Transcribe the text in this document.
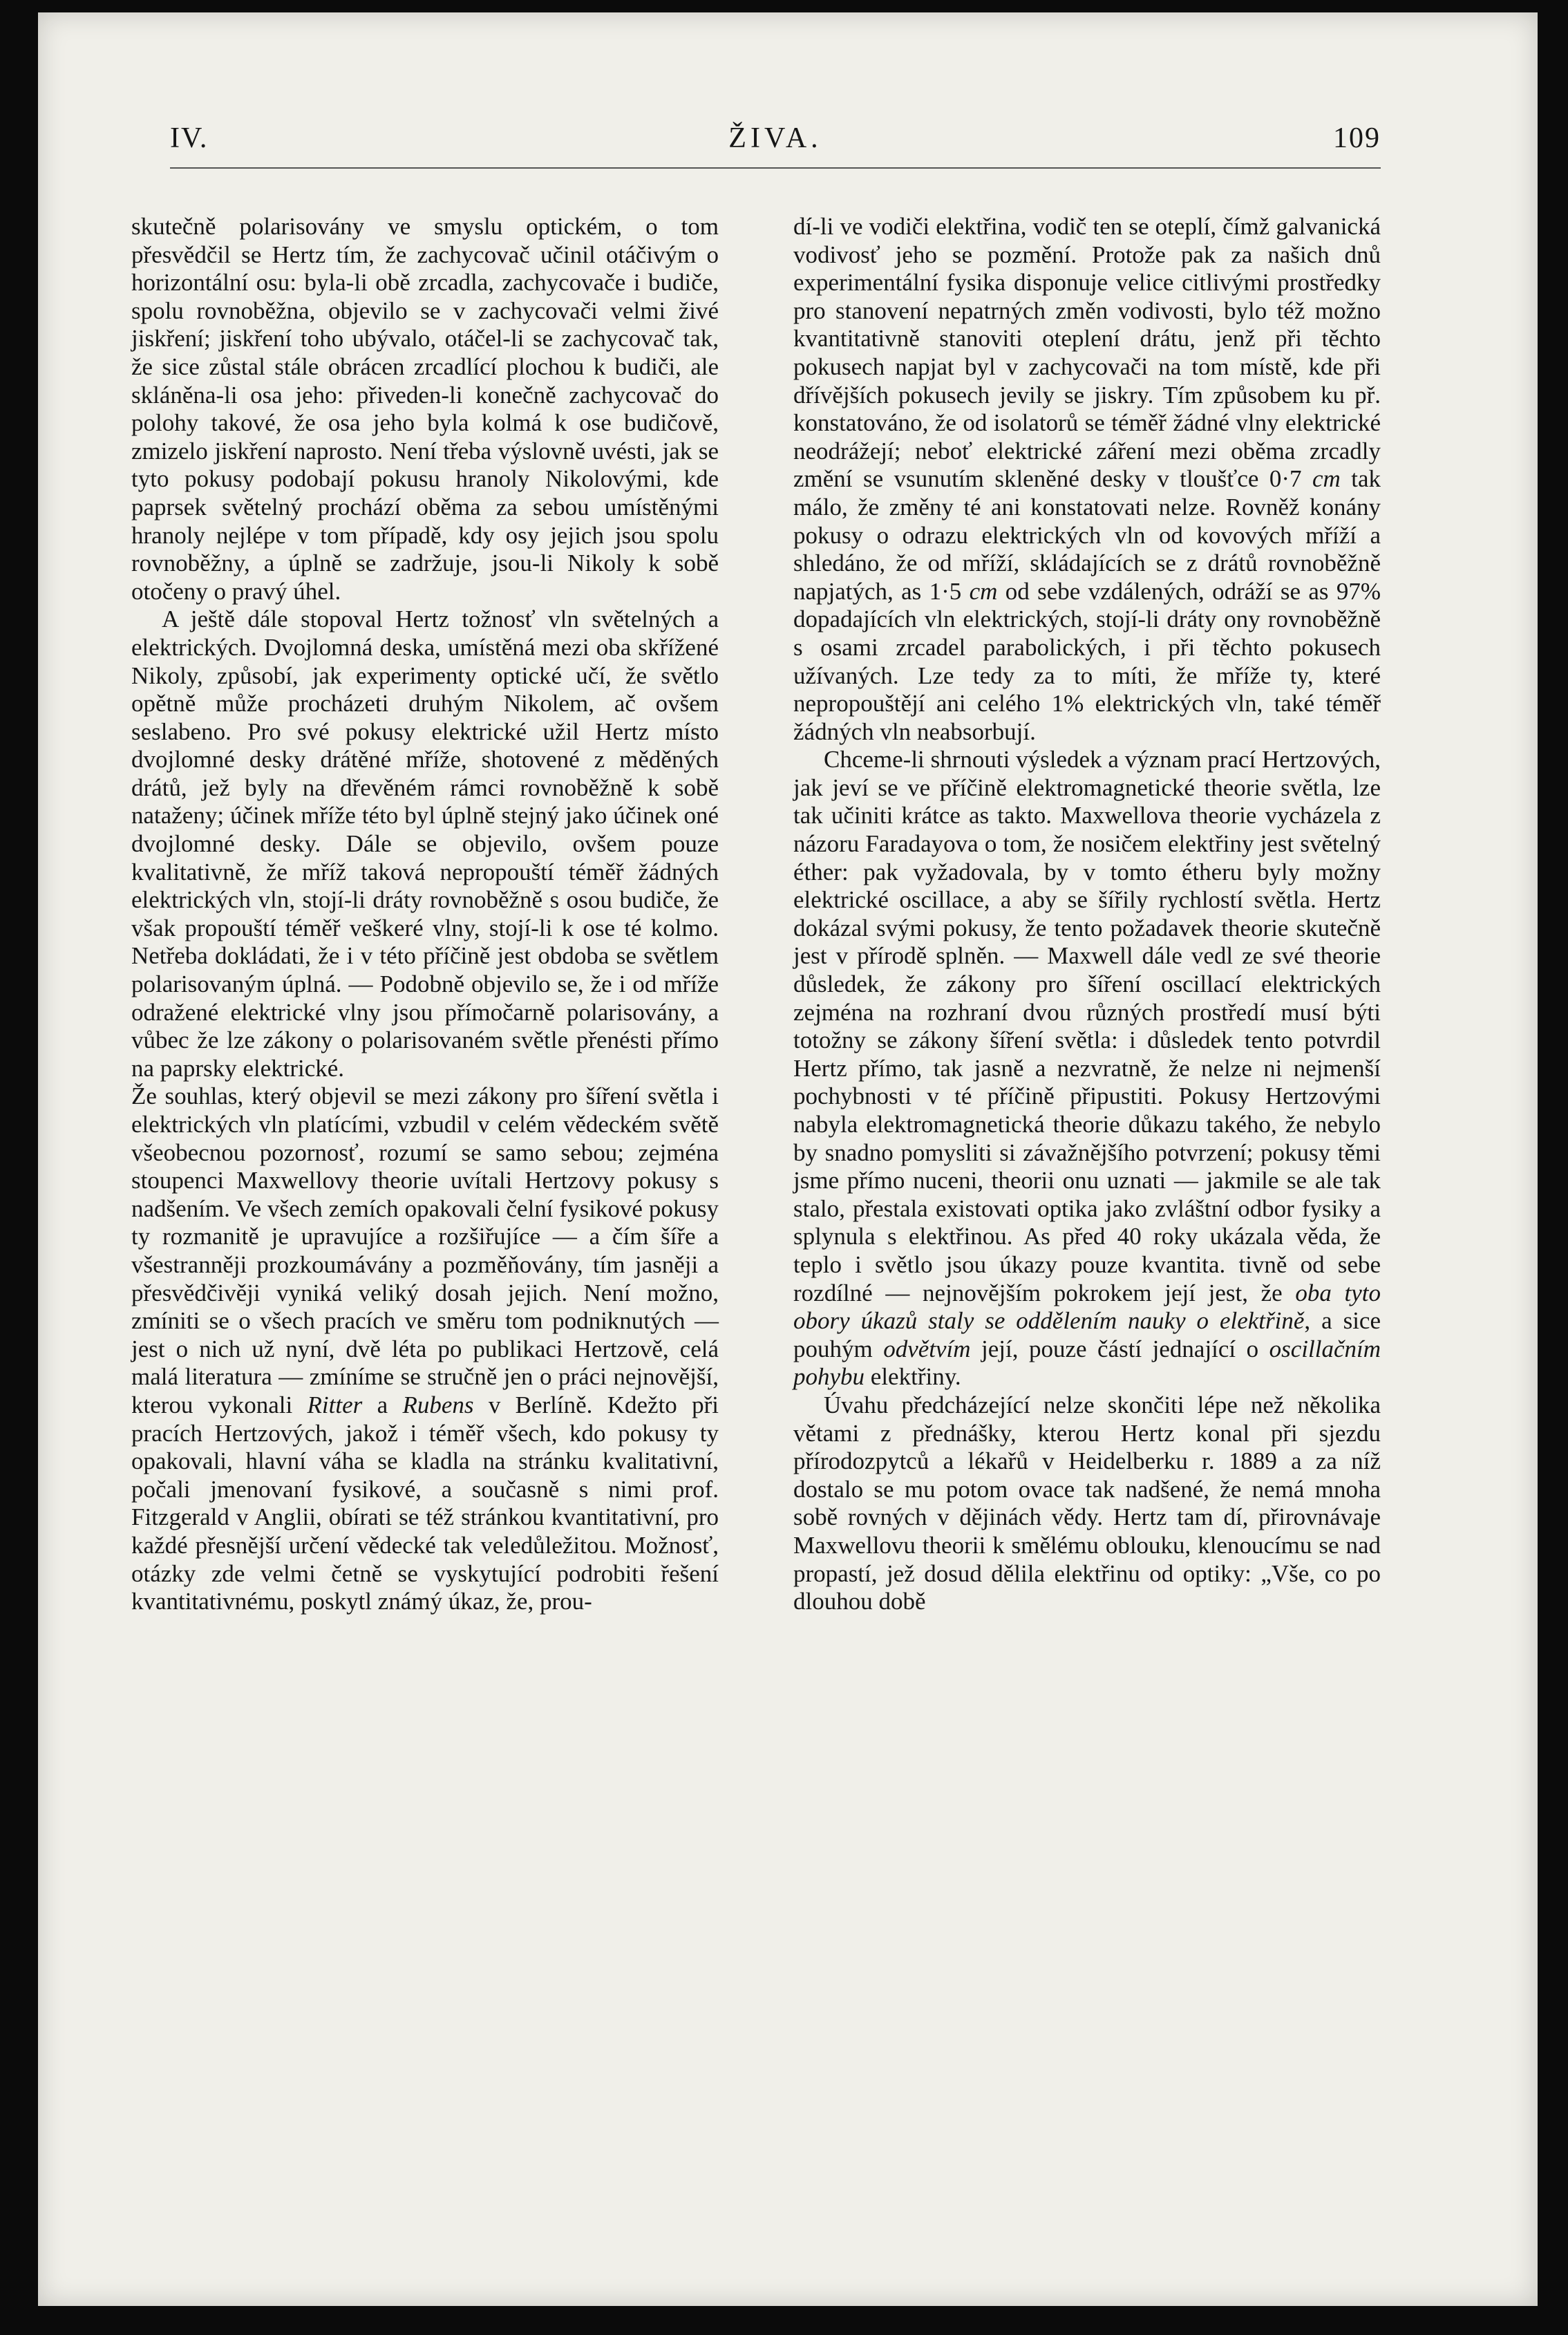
IV.	ŽIVA.	109

skutečně polarisovány ve smyslu optickém, o tom přesvědčil se Hertz tím, že zachycovač učinil otáčivým o horizontální osu: byla-li obě zrcadla, zachycovače i budiče, spolu rovnoběžna, objevilo se v zachycovači velmi živé jiskření; jiskření toho ubývalo, otáčel-li se zachycovač tak, že sice zůstal stále obrácen zrcadlící plochou k budiči, ale skláněna-li osa jeho: přiveden-li konečně zachycovač do polohy takové, že osa jeho byla kolmá k ose budičově, zmizelo jiskření naprosto. Není třeba výslovně uvésti, jak se tyto pokusy podobají pokusu hranoly Nikolovými, kde paprsek světelný prochází oběma za sebou umístěnými hranoly nejlépe v tom případě, kdy osy jejich jsou spolu rovnoběžny, a úplně se zadržuje, jsou-li Nikoly k sobě otočeny o pravý úhel.

A ještě dále stopoval Hertz tožnosť vln světelných a elektrických. Dvojlomná deska, umístěná mezi oba skřížené Nikoly, způsobí, jak experimenty optické učí, že světlo opětně může procházeti druhým Nikolem, ač ovšem seslabeno. Pro své pokusy elektrické užil Hertz místo dvojlomné desky drátěné mříže, shotovené z měděných drátů, jež byly na dřevěném rámci rovnoběžně k sobě nataženy; účinek mříže této byl úplně stejný jako účinek oné dvojlomné desky. Dále se objevilo, ovšem pouze kvalitativně, že mříž taková nepropouští téměř žádných elektrických vln, stojí-li dráty rovnoběžně s osou budiče, že však propouští téměř veškeré vlny, stojí-li k ose té kolmo. Netřeba dokládati, že i v této příčině jest obdoba se světlem polarisovaným úplná. — Podobně objevilo se, že i od mříže odražené elektrické vlny jsou přímočarně polarisovány, a vůbec že lze zákony o polarisovaném světle přenésti přímo na paprsky elektrické.

Že souhlas, který objevil se mezi zákony pro šíření světla i elektrických vln platícími, vzbudil v celém vědeckém světě všeobecnou pozornosť, rozumí se samo sebou; zejména stoupenci Maxwellovy theorie uvítali Hertzovy pokusy s nadšením. Ve všech zemích opakovali čelní fysikové pokusy ty rozmanitě je upravujíce a rozšiřujíce — a čím šíře a všestranněji prozkoumávány a pozměňovány, tím jasněji a přesvědčivěji vyniká veliký dosah jejich. Není možno, zmíniti se o všech pracích ve směru tom podniknutých — jest o nich už nyní, dvě léta po publikaci Hertzově, celá malá literatura — zmíníme se stručně jen o práci nejnovější, kterou vykonali Ritter a Rubens v Berlíně. Kdežto při pracích Hertzových, jakož i téměř všech, kdo pokusy ty opakovali, hlavní váha se kladla na stránku kvalitativní, počali jmenovaní fysikové, a současně s nimi prof. Fitzgerald v Anglii, obírati se též stránkou kvantitativní, pro každé přesnější určení vědecké tak veledůležitou. Možnosť, otázky zde velmi četně se vyskytující podrobiti řešení kvantitativnému, poskytl známý úkaz, že, prou-

dí-li ve vodiči elektřina, vodič ten se oteplí, čímž galvanická vodivosť jeho se pozmění. Protože pak za našich dnů experimentální fysika disponuje velice citlivými prostředky pro stanovení nepatrných změn vodivosti, bylo též možno kvantitativně stanoviti oteplení drátu, jenž při těchto pokusech napjat byl v zachycovači na tom místě, kde při dřívějších pokusech jevily se jiskry. Tím způsobem ku př. konstatováno, že od isolatorů se téměř žádné vlny elektrické neodrážejí; neboť elektrické záření mezi oběma zrcadly změní se vsunutím skleněné desky v tloušťce 0·7 cm tak málo, že změny té ani konstatovati nelze. Rovněž konány pokusy o odrazu elektrických vln od kovových mříží a shledáno, že od mříží, skládajících se z drátů rovnoběžně napjatých, as 1·5 cm od sebe vzdálených, odráží se as 97% dopadajících vln elektrických, stojí-li dráty ony rovnoběžně s osami zrcadel parabolických, i při těchto pokusech užívaných. Lze tedy za to míti, že mříže ty, které nepropouštějí ani celého 1% elektrických vln, také téměř žádných vln neabsorbují.

Chceme-li shrnouti výsledek a význam prací Hertzových, jak jeví se ve příčině elektromagnetické theorie světla, lze tak učiniti krátce as takto. Maxwellova theorie vycházela z názoru Faradayova o tom, že nosičem elektřiny jest světelný éther: pak vyžadovala, by v tomto étheru byly možny elektrické oscillace, a aby se šířily rychlostí světla. Hertz dokázal svými pokusy, že tento požadavek theorie skutečně jest v přírodě splněn. — Maxwell dále vedl ze své theorie důsledek, že zákony pro šíření oscillací elektrických zejména na rozhraní dvou různých prostředí musí býti totožny se zákony šíření světla: i důsledek tento potvrdil Hertz přímo, tak jasně a nezvratně, že nelze ni nejmenší pochybnosti v té příčině připustiti. Pokusy Hertzovými nabyla elektromagnetická theorie důkazu takého, že nebylo by snadno pomysliti si závažnějšího potvrzení; pokusy těmi jsme přímo nuceni, theorii onu uznati — jakmile se ale tak stalo, přestala existovati optika jako zvláštní odbor fysiky a splynula s elektřinou. As před 40 roky ukázala věda, že teplo i světlo jsou úkazy pouze kvantita. tivně od sebe rozdílné — nejnovějším pokrokem její jest, že oba tyto obory úkazů staly se oddělením nauky o elektřině, a sice pouhým odvětvím její, pouze částí jednající o oscillačním pohybu elektřiny.

Úvahu předcházející nelze skončiti lépe než několika větami z přednášky, kterou Hertz konal při sjezdu přírodozpytců a lékařů v Heidelberku r. 1889 a za níž dostalo se mu potom ovace tak nadšené, že nemá mnoha sobě rovných v dějinách vědy. Hertz tam dí, přirovnávaje Maxwellovu theorii k smělému oblouku, klenoucímu se nad propastí, jež dosud dělila elektřinu od optiky: „Vše, co po dlouhou době
